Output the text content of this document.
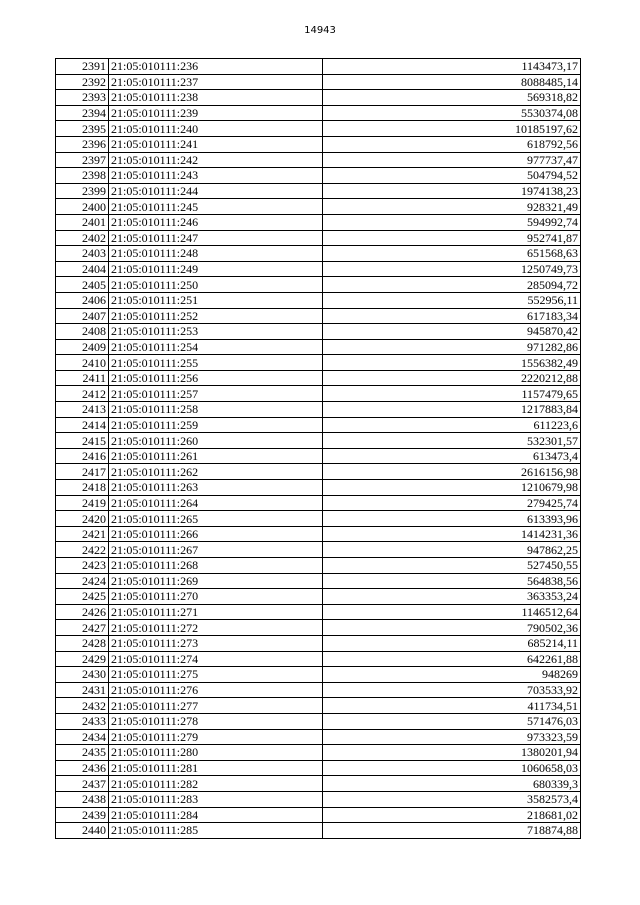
14943
2391	21:05:010111:236	1143473,17
2392	21:05:010111:237	8088485,14
2393	21:05:010111:238	569318,82
2394	21:05:010111:239	5530374,08
2395	21:05:010111:240	10185197,62
2396	21:05:010111:241	618792,56
2397	21:05:010111:242	977737,47
2398	21:05:010111:243	504794,52
2399	21:05:010111:244	1974138,23
2400	21:05:010111:245	928321,49
2401	21:05:010111:246	594992,74
2402	21:05:010111:247	952741,87
2403	21:05:010111:248	651568,63
2404	21:05:010111:249	1250749,73
2405	21:05:010111:250	285094,72
2406	21:05:010111:251	552956,11
2407	21:05:010111:252	617183,34
2408	21:05:010111:253	945870,42
2409	21:05:010111:254	971282,86
2410	21:05:010111:255	1556382,49
2411	21:05:010111:256	2220212,88
2412	21:05:010111:257	1157479,65
2413	21:05:010111:258	1217883,84
2414	21:05:010111:259	611223,6
2415	21:05:010111:260	532301,57
2416	21:05:010111:261	613473,4
2417	21:05:010111:262	2616156,98
2418	21:05:010111:263	1210679,98
2419	21:05:010111:264	279425,74
2420	21:05:010111:265	613393,96
2421	21:05:010111:266	1414231,36
2422	21:05:010111:267	947862,25
2423	21:05:010111:268	527450,55
2424	21:05:010111:269	564838,56
2425	21:05:010111:270	363353,24
2426	21:05:010111:271	1146512,64
2427	21:05:010111:272	790502,36
2428	21:05:010111:273	685214,11
2429	21:05:010111:274	642261,88
2430	21:05:010111:275	948269
2431	21:05:010111:276	703533,92
2432	21:05:010111:277	411734,51
2433	21:05:010111:278	571476,03
2434	21:05:010111:279	973323,59
2435	21:05:010111:280	1380201,94
2436	21:05:010111:281	1060658,03
2437	21:05:010111:282	680339,3
2438	21:05:010111:283	3582573,4
2439	21:05:010111:284	218681,02
2440	21:05:010111:285	718874,88
